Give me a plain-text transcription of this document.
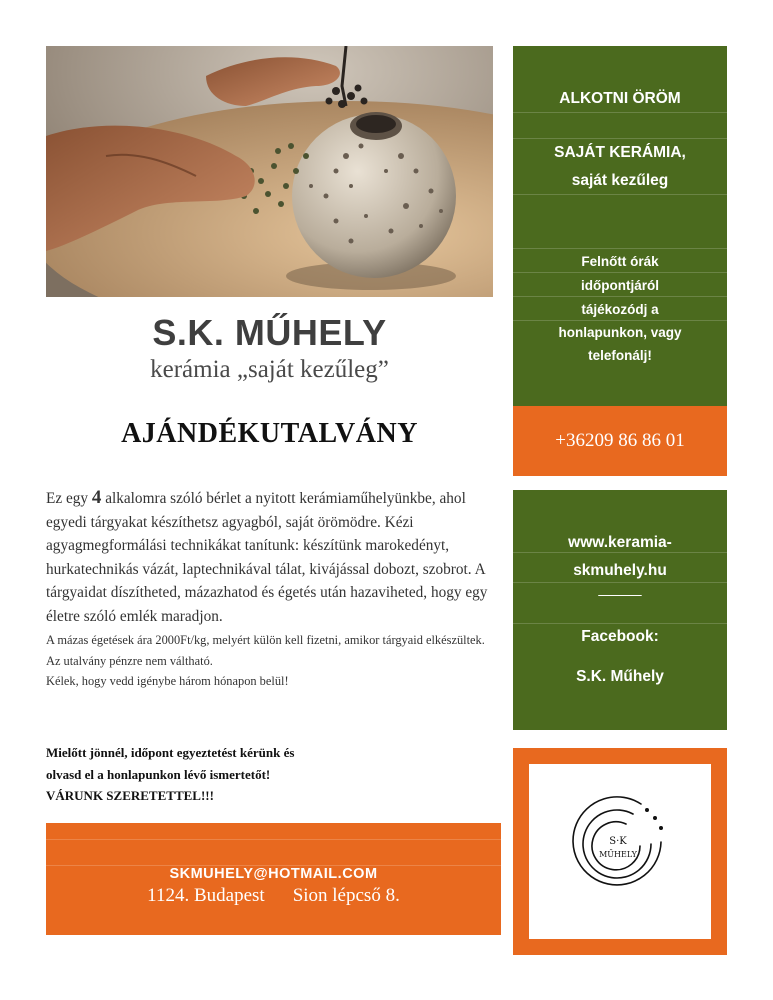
S.K. MŰHELY
kerámia „saját kezűleg”
AJÁNDÉKUTALVÁNY
Ez egy 4 alkalomra szóló bérlet a nyitott kerámiaműhelyünkbe, ahol egyedi tárgyakat készíthetsz agyagból, saját örömödre. Kézi agyagmegformálási technikákat tanítunk: készítünk marokedényt, hurkatechnikás vázát, laptechnikával tálat, kivájással dobozt, szobrot. A tárgyaidat díszítheted, mázazhatod és égetés után hazaviheted, hogy egy életre szóló emlék maradjon.
A mázas égetések ára 2000Ft/kg, melyért külön kell fizetni, amikor tárgyaid elkészültek.
Az utalvány pénzre nem váltható.
Kélek, hogy vedd igénybe három hónapon belül!
Mielőtt jönnél, időpont egyeztetést kérünk és
olvasd el a honlapunkon lévő ismertetőt!
VÁRUNK SZERETETTEL!!!
ALKOTNI ÖRÖM
SAJÁT KERÁMIA,
saját kezűleg
Felnőtt órák
időpontjáról
tájékozódj a
honlapunkon, vagy
telefonálj!
+36209 86 86 01
www.keramia-
skmuhely.hu
_____
Facebook:
S.K. Műhely
S·K
MŰHELY
SKMUHELY@HOTMAIL.COM
1124. Budapest Sion lépcső 8.
